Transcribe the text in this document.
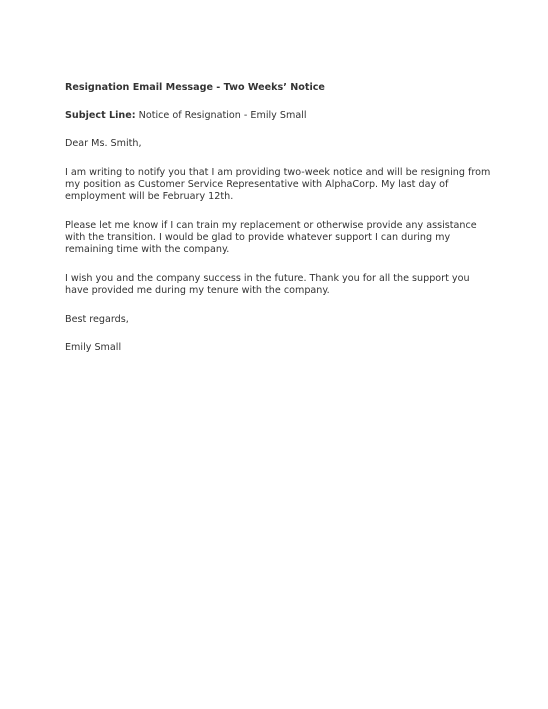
Resignation Email Message - Two Weeks’ Notice
Subject Line: Notice of Resignation - Emily Small

Dear Ms. Smith,

I am writing to notify you that I am providing two-week notice and will be resigning from my position as Customer Service Representative with AlphaCorp. My last day of employment will be February 12th.

Please let me know if I can train my replacement or otherwise provide any assistance with the transition. I would be glad to provide whatever support I can during my remaining time with the company.

I wish you and the company success in the future. Thank you for all the support you have provided me during my tenure with the company.

Best regards,

Emily Small
